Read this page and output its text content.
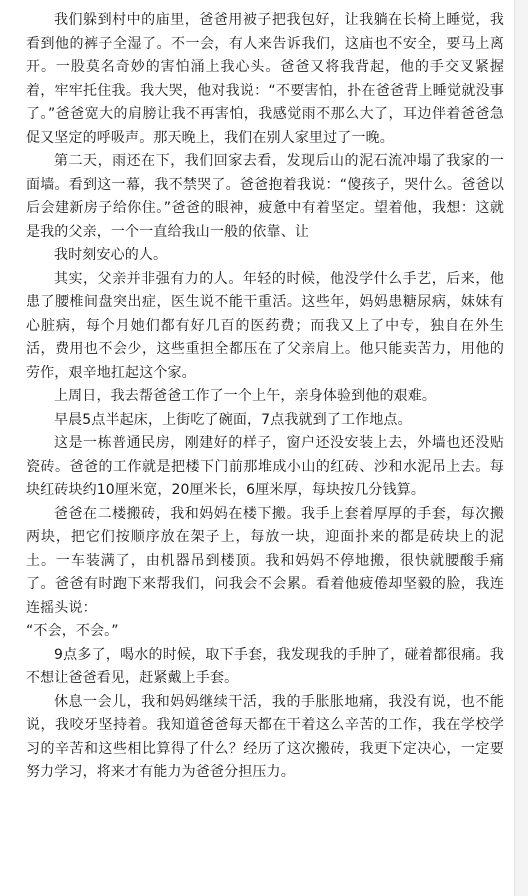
我们躲到村中的庙里，爸爸用被子把我包好，让我躺在长椅上睡觉，我看到他的裤子全湿了。不一会，有人来告诉我们，这庙也不安全，要马上离开。一股莫名奇妙的害怕涌上我心头。爸爸又将我背起，他的手交叉紧握着，牢牢托住我。我大哭，他对我说：“不要害怕，扑在爸爸背上睡觉就没事了。”爸爸宽大的肩膀让我不再害怕，我感觉雨不那么大了，耳边伴着爸爸急促又坚定的呼吸声。那天晚上，我们在别人家里过了一晚。

第二天，雨还在下，我们回家去看，发现后山的泥石流冲塌了我家的一面墙。看到这一幕，我不禁哭了。爸爸抱着我说：“傻孩子，哭什么。爸爸以后会建新房子给你住。”爸爸的眼神，疲惫中有着坚定。望着他，我想：这就是我的父亲，一个一直给我山一般的依靠、让

我时刻安心的人。

其实，父亲并非强有力的人。年轻的时候，他没学什么手艺，后来，他患了腰椎间盘突出症，医生说不能干重活。这些年，妈妈患糖尿病，妹妹有心脏病，每个月她们都有好几百的医药费；而我又上了中专，独自在外生活，费用也不会少，这些重担全都压在了父亲肩上。他只能卖苦力，用他的劳作，艰辛地扛起这个家。

上周日，我去帮爸爸工作了一个上午，亲身体验到他的艰难。

早晨5点半起床，上街吃了碗面，7点我就到了工作地点。

这是一栋普通民房，刚建好的样子，窗户还没安装上去，外墙也还没贴瓷砖。爸爸的工作就是把楼下门前那堆成小山的红砖、沙和水泥吊上去。每块红砖块约10厘米宽，20厘米长，6厘米厚，每块按几分钱算。

爸爸在二楼搬砖，我和妈妈在楼下搬。我手上套着厚厚的手套，每次搬两块，把它们按顺序放在架子上，每放一块，迎面扑来的都是砖块上的泥土。一车装满了，由机器吊到楼顶。我和妈妈不停地搬，很快就腰酸手痛了。爸爸有时跑下来帮我们，问我会不会累。看着他疲倦却坚毅的脸，我连连摇头说：

“不会，不会。”

9点多了，喝水的时候，取下手套，我发现我的手肿了，碰着都很痛。我不想让爸爸看见，赶紧戴上手套。

休息一会儿，我和妈妈继续干活，我的手胀胀地痛，我没有说，也不能说，我咬牙坚持着。我知道爸爸每天都在干着这么辛苦的工作，我在学校学习的辛苦和这些相比算得了什么？经历了这次搬砖，我更下定决心，一定要努力学习，将来才有能力为爸爸分担压力。
